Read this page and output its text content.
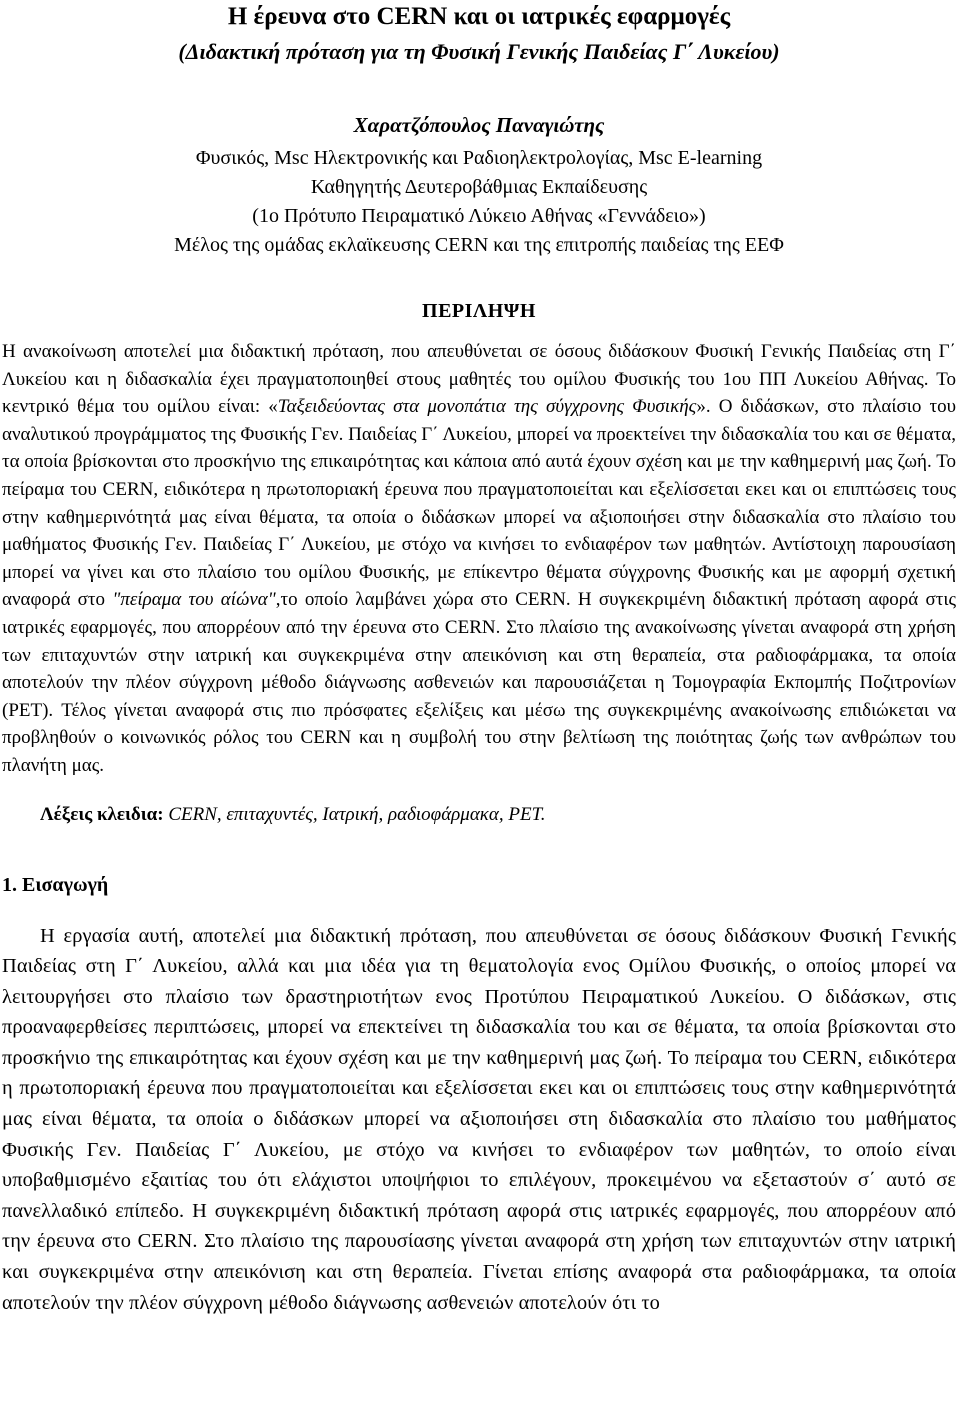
Η έρευνα στο CERN και οι ιατρικές εφαρμογές
(Διδακτική πρόταση για τη Φυσική Γενικής Παιδείας Γ΄ Λυκείου)
Χαρατζόπουλος Παναγιώτης
Φυσικός, Msc Ηλεκτρονικής και Ραδιοηλεκτρολογίας, Msc E-learning
Καθηγητής Δευτεροβάθμιας Εκπαίδευσης
(1ο Πρότυπο Πειραματικό Λύκειο Αθήνας «Γεννάδειο»)
Μέλος της ομάδας εκλαϊκευσης CERN και της επιτροπής παιδείας της ΕΕΦ
ΠΕΡΙΛΗΨΗ

Η ανακοίνωση αποτελεί μια διδακτική πρόταση, που απευθύνεται σε όσους διδάσκουν Φυσική Γενικής Παιδείας στη Γ΄ Λυκείου και η διδασκαλία έχει πραγματοποιηθεί στους μαθητές του ομίλου Φυσικής του 1ου ΠΠ Λυκείου Αθήνας. Το κεντρικό θέμα του ομίλου είναι: «Ταξειδεύοντας στα μονοπάτια της σύγχρονης Φυσικής». Ο διδάσκων, στο πλαίσιο του αναλυτικού προγράμματος της Φυσικής Γεν. Παιδείας Γ΄ Λυκείου, μπορεί να προεκτείνει την διδασκαλία του και σε θέματα, τα οποία βρίσκονται στο προσκήνιο της επικαιρότητας και κάποια από αυτά έχουν σχέση και με την καθημερινή μας ζωή. Το πείραμα του CERN, ειδικότερα η πρωτοποριακή έρευνα που πραγματοποιείται και εξελίσσεται εκει και οι επιπτώσεις τους στην καθημερινότητά μας είναι θέματα, τα οποία ο διδάσκων μπορεί να αξιοποιήσει στην διδασκαλία στο πλαίσιο του μαθήματος Φυσικής Γεν. Παιδείας Γ΄ Λυκείου, με στόχο να κινήσει το ενδιαφέρον των μαθητών. Αντίστοιχη παρουσίαση μπορεί να γίνει και στο πλαίσιο του ομίλου Φυσικής, με επίκεντρο θέματα σύγχρονης Φυσικής και με αφορμή σχετική αναφορά στο "πείραμα του αίώνα",το οποίο λαμβάνει χώρα στο CERN. Η συγκεκριμένη διδακτική πρόταση αφορά στις ιατρικές εφαρμογές, που απορρέουν από την έρευνα στο CERN. Στο πλαίσιο της ανακοίνωσης γίνεται αναφορά στη χρήση των επιταχυντών στην ιατρική και συγκεκριμένα στην απεικόνιση και στη θεραπεία, στα ραδιοφάρμακα, τα οποία αποτελούν την πλέον σύγχρονη μέθοδο διάγνωσης ασθενειών και παρουσιάζεται η Τομογραφία Εκπομπής Ποζιτρονίων (PET). Τέλος γίνεται αναφορά στις πιο πρόσφατες εξελίξεις και μέσω της συγκεκριμένης ανακοίνωσης επιδιώκεται να προβληθούν ο κοινωνικός ρόλος του CERN και η συμβολή του στην βελτίωση της ποιότητας ζωής των ανθρώπων του πλανήτη μας.

Λέξεις κλειδια: CERN, επιταχυντές, Ιατρική, ραδιοφάρμακα, PET.
1. Εισαγωγή

Η εργασία αυτή, αποτελεί μια διδακτική πρόταση, που απευθύνεται σε όσους διδάσκουν Φυσική Γενικής Παιδείας στη Γ΄ Λυκείου, αλλά και μια ιδέα για τη θεματολογία ενος Ομίλου Φυσικής, ο οποίος μπορεί να λειτουργήσει στο πλαίσιο των δραστηριοτήτων ενος Προτύπου Πειραματικού Λυκείου. Ο διδάσκων, στις προαναφερθείσες περιπτώσεις, μπορεί να επεκτείνει τη διδασκαλία του και σε θέματα, τα οποία βρίσκονται στο προσκήνιο της επικαιρότητας και έχουν σχέση και με την καθημερινή μας ζωή. Το πείραμα του CERN, ειδικότερα η πρωτοποριακή έρευνα που πραγματοποιείται και εξελίσσεται εκει και οι επιπτώσεις τους στην καθημερινότητά μας είναι θέματα, τα οποία ο διδάσκων μπορεί να αξιοποιήσει στη διδασκαλία στο πλαίσιο του μαθήματος Φυσικής Γεν. Παιδείας Γ΄ Λυκείου, με στόχο να κινήσει το ενδιαφέρον των μαθητών, το οποίο είναι υποβαθμισμένο εξαιτίας του ότι ελάχιστοι υποψήφιοι το επιλέγουν, προκειμένου να εξεταστούν σ΄ αυτό σε πανελλαδικό επίπεδο. Η συγκεκριμένη διδακτική πρόταση αφορά στις ιατρικές εφαρμογές, που απορρέουν από την έρευνα στο CERN. Στο πλαίσιο της παρουσίασης γίνεται αναφορά στη χρήση των επιταχυντών στην ιατρική και συγκεκριμένα στην απεικόνιση και στη θεραπεία. Γίνεται επίσης αναφορά στα ραδιοφάρμακα, τα οποία αποτελούν την πλέον σύγχρονη μέθοδο διάγνωσης ασθενειών αποτελούν ότι το
